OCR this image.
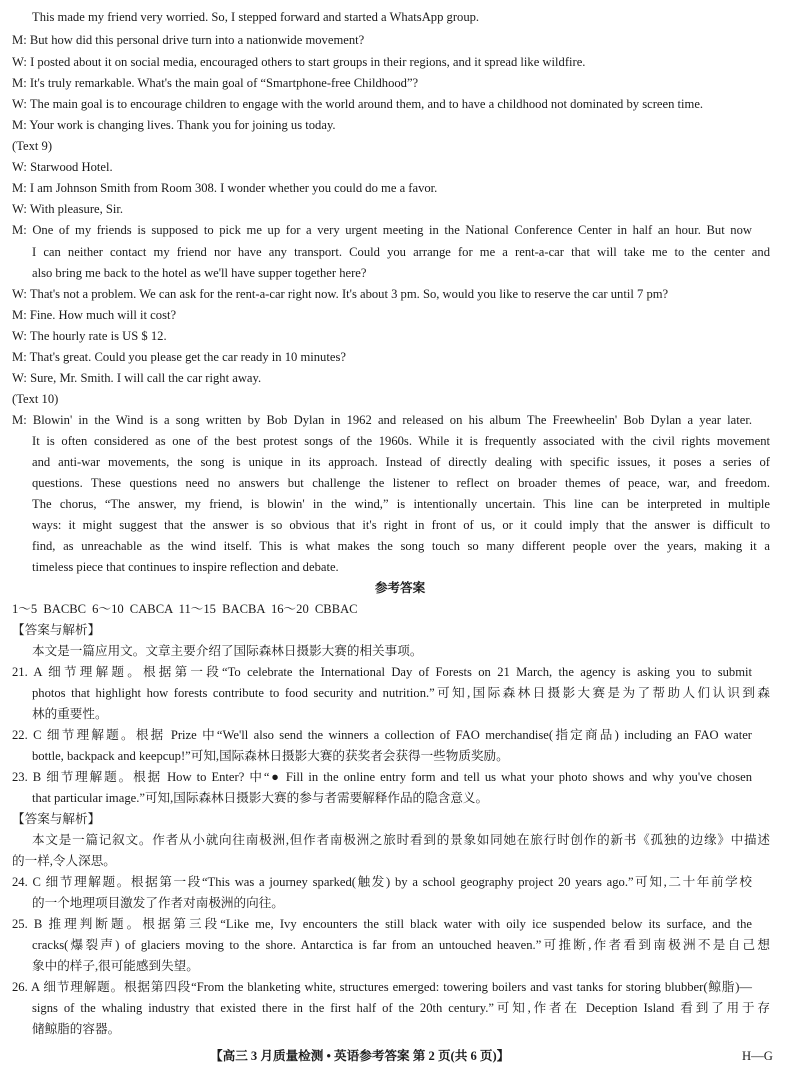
This made my friend very worried. So, I stepped forward and started a WhatsApp group.
M: But how did this personal drive turn into a nationwide movement?
W: I posted about it on social media, encouraged others to start groups in their regions, and it spread like wildfire.
M: It's truly remarkable. What's the main goal of “Smartphone-free Childhood”?
W: The main goal is to encourage children to engage with the world around them, and to have a childhood not dominated by screen time.
M: Your work is changing lives. Thank you for joining us today.
(Text 9)
W: Starwood Hotel.
M: I am Johnson Smith from Room 308. I wonder whether you could do me a favor.
W: With pleasure, Sir.
M: One of my friends is supposed to pick me up for a very urgent meeting in the National Conference Center in half an hour. But now
I can neither contact my friend nor have any transport. Could you arrange for me a rent-a-car that will take me to the center and
also bring me back to the hotel as we'll have supper together here?
W: That's not a problem. We can ask for the rent-a-car right now. It's about 3 pm. So, would you like to reserve the car until 7 pm?
M: Fine. How much will it cost?
W: The hourly rate is US $ 12.
M: That's great. Could you please get the car ready in 10 minutes?
W: Sure, Mr. Smith. I will call the car right away.
(Text 10)
M: Blowin' in the Wind is a song written by Bob Dylan in 1962 and released on his album The Freewheelin' Bob Dylan a year later.
It is often considered as one of the best protest songs of the 1960s. While it is frequently associated with the civil rights movement
and anti-war movements, the song is unique in its approach. Instead of directly dealing with specific issues, it poses a series of
questions. These questions need no answers but challenge the listener to reflect on broader themes of peace, war, and freedom.
The chorus, “The answer, my friend, is blowin' in the wind,” is intentionally uncertain. This line can be interpreted in multiple
ways: it might suggest that the answer is so obvious that it's right in front of us, or it could imply that the answer is difficult to
find, as unreachable as the wind itself. This is what makes the song touch so many different people over the years, making it a
timeless piece that continues to inspire reflection and debate.
参考答案
1～5 BACBC 6～10 CABCA 11～15 BACBA 16～20 CBBAC
【答案与解析】
本文是一篇应用文。文章主要介绍了国际森林日摄影大赛的相关事项。
21. A 细节理解题。根据第一段“To celebrate the International Day of Forests on 21 March, the agency is asking you to submit
photos that highlight how forests contribute to food security and nutrition.”可知,国际森林日摄影大赛是为了帮助人们认识到森
林的重要性。
22. C 细节理解题。根据 Prize 中“We'll also send the winners a collection of FAO merchandise(指定商品) including an FAO water
bottle, backpack and keepcup!”可知,国际森林日摄影大赛的获奖者会获得一些物质奖励。
23. B 细节理解题。根据 How to Enter? 中“● Fill in the online entry form and tell us what your photo shows and why you've chosen
that particular image.”可知,国际森林日摄影大赛的参与者需要解释作品的隐含意义。
【答案与解析】
本文是一篇记叙文。作者从小就向往南极洲,但作者南极洲之旅时看到的景象如同她在旅行时创作的新书《孤独的边缘》中描述
的一样,令人深思。
24. C 细节理解题。根据第一段“This was a journey sparked(触发) by a school geography project 20 years ago.”可知,二十年前学校
的一个地理项目激发了作者对南极洲的向往。
25. B 推理判断题。根据第三段“Like me, Ivy encounters the still black water with oily ice suspended below its surface, and the
cracks(爆裂声) of glaciers moving to the shore. Antarctica is far from an untouched heaven.”可推断,作者看到南极洲不是自己想
象中的样子,很可能感到失望。
26. A 细节理解题。根据第四段“From the blanketing white, structures emerged: towering boilers and vast tanks for storing blubber(鲸脂)—
signs of the whaling industry that existed there in the first half of the 20th century.”可知,作者在 Deception Island 看到了用于存
储鲸脂的容器。
【高三 3 月质量检测 • 英语参考答案 第 2 页(共 6 页)】	H—G
